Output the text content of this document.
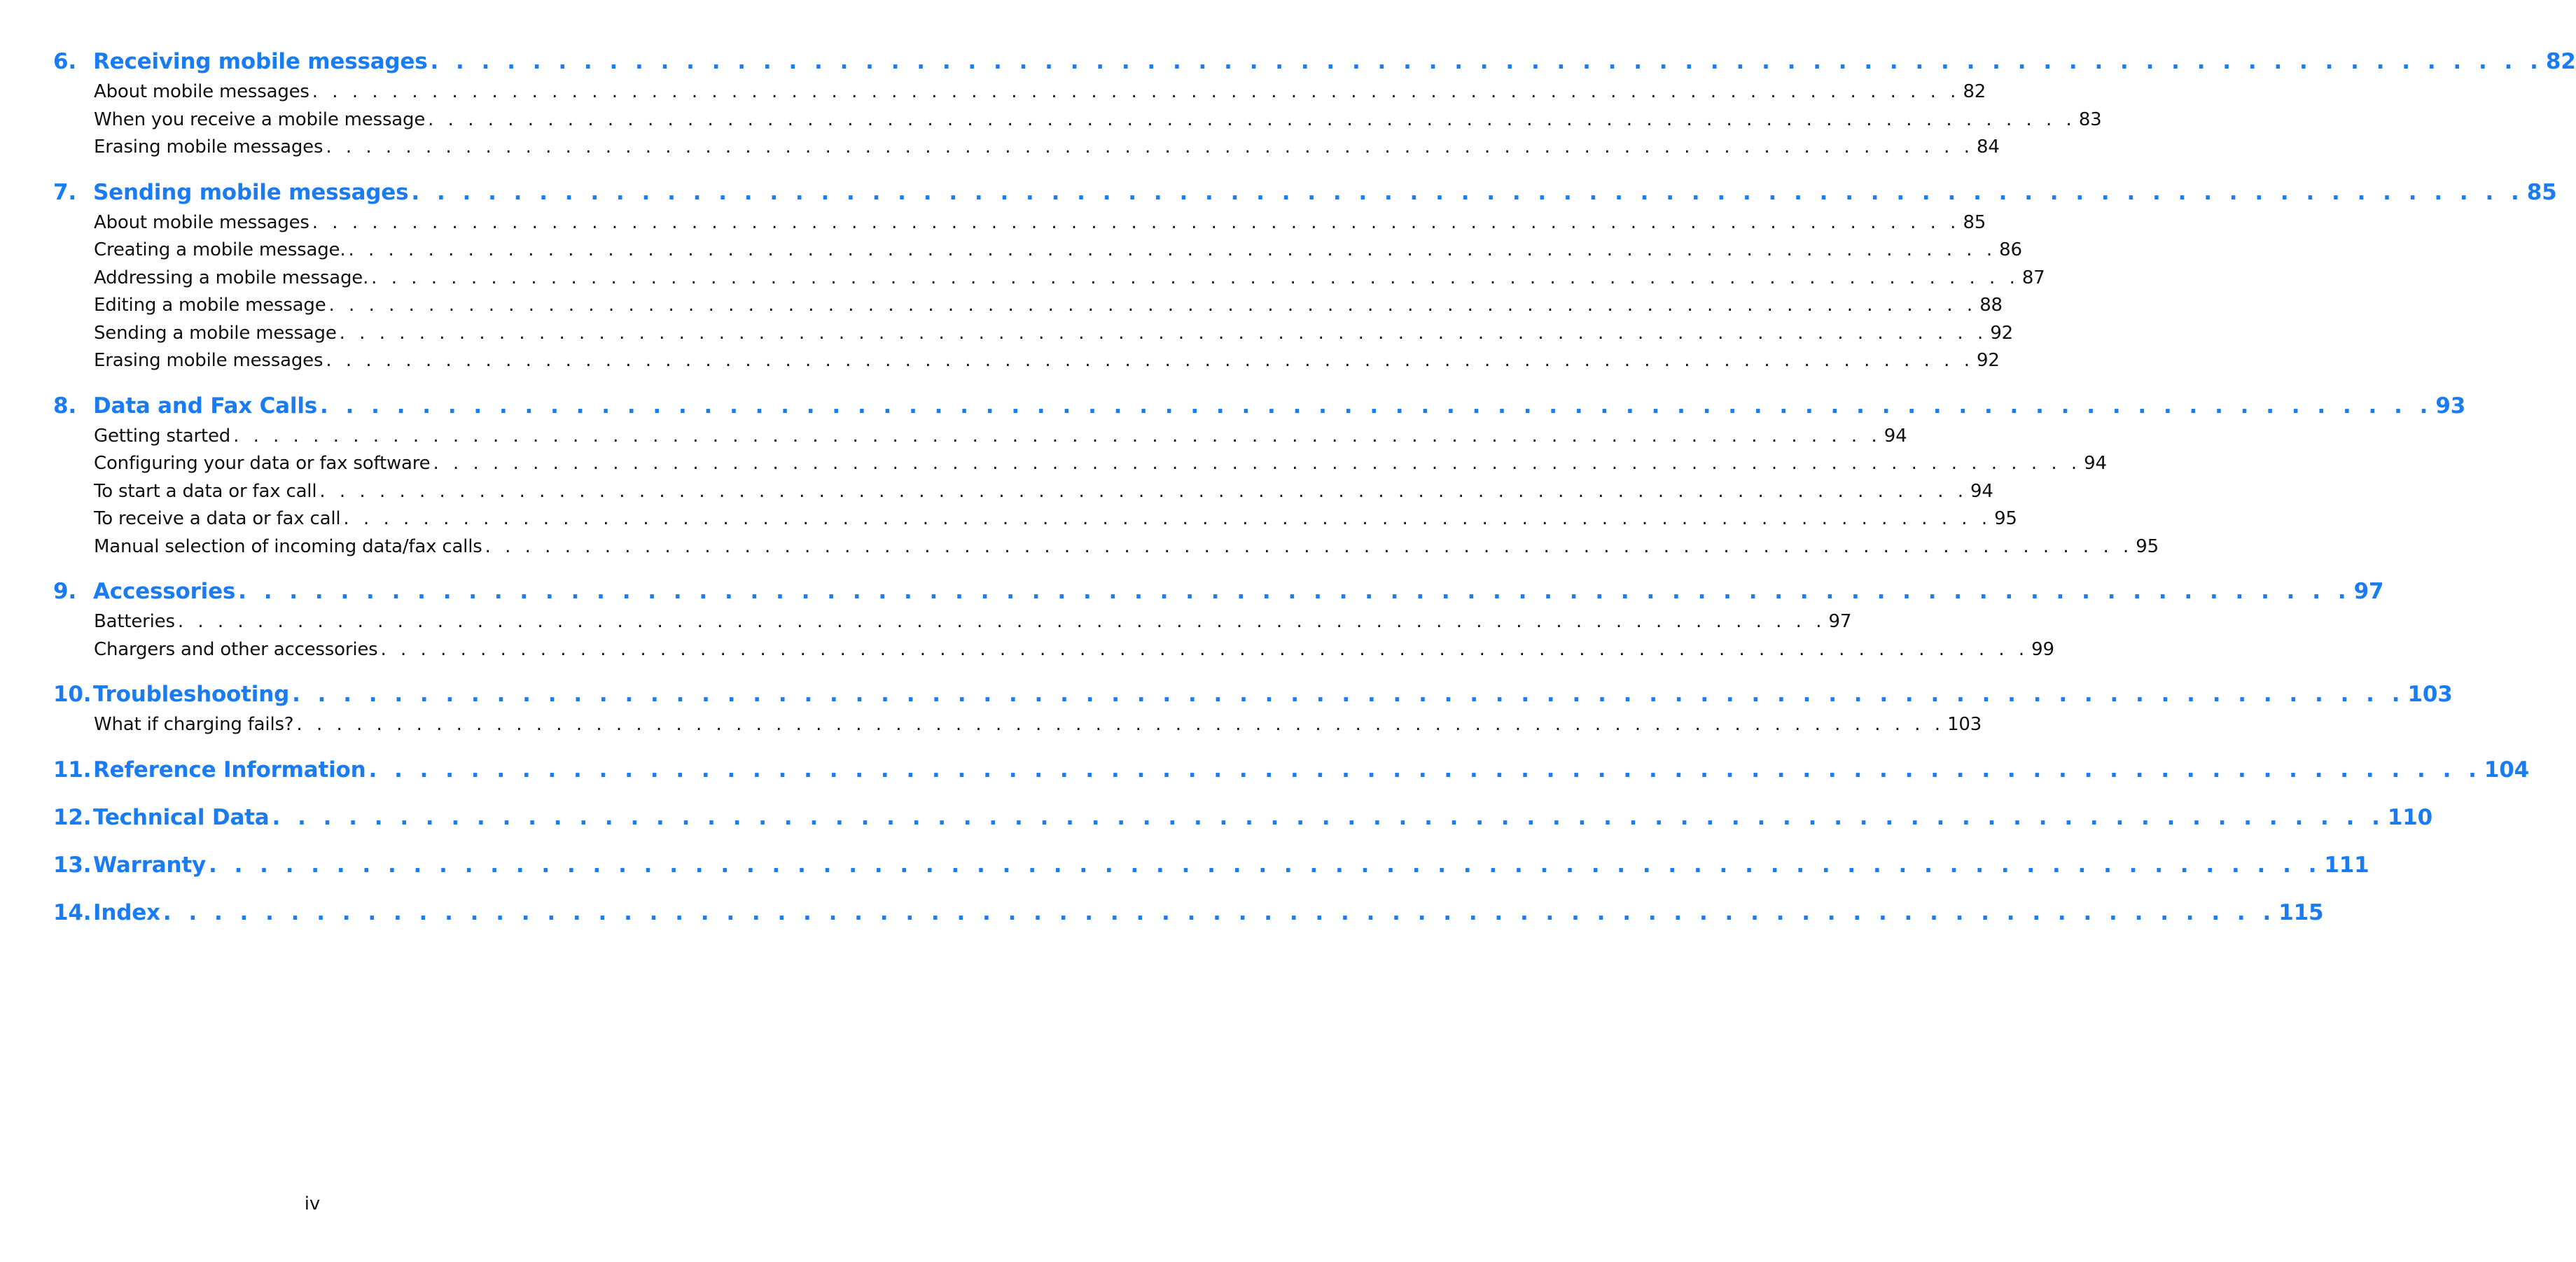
6. Receiving mobile messages . . . . . . . . . . . . . . . . . . . . . . . . . . . . . . . . . . . . . . . . . . . . . . . . . . . . . . . . . . . . . . . . . . . . . . . . . . . . . . . . . . . 82
About mobile messages . . . . . . . . . . . . . . . . . . . . . . . . . . . . . . . . . . . . . . . . . . . . . . . . . . . . . . . . . . . . . . . . . . . . . . . . . . . . . . . . . . . 82
When you receive a mobile message . . . . . . . . . . . . . . . . . . . . . . . . . . . . . . . . . . . . . . . . . . . . . . . . . . . . . . . . . . . . . . . . . . . . . . . . . . . . . . . . . . . 83
Erasing mobile messages . . . . . . . . . . . . . . . . . . . . . . . . . . . . . . . . . . . . . . . . . . . . . . . . . . . . . . . . . . . . . . . . . . . . . . . . . . . . . . . . . . . 84
7. Sending mobile messages . . . . . . . . . . . . . . . . . . . . . . . . . . . . . . . . . . . . . . . . . . . . . . . . . . . . . . . . . . . . . . . . . . . . . . . . . . . . . . . . . . . 85
About mobile messages . . . . . . . . . . . . . . . . . . . . . . . . . . . . . . . . . . . . . . . . . . . . . . . . . . . . . . . . . . . . . . . . . . . . . . . . . . . . . . . . . . . 85
Creating a mobile message. . . . . . . . . . . . . . . . . . . . . . . . . . . . . . . . . . . . . . . . . . . . . . . . . . . . . . . . . . . . . . . . . . . . . . . . . . . . . . . . . . . . 86
Addressing a mobile message. . . . . . . . . . . . . . . . . . . . . . . . . . . . . . . . . . . . . . . . . . . . . . . . . . . . . . . . . . . . . . . . . . . . . . . . . . . . . . . . . . . . 87
Editing a mobile message . . . . . . . . . . . . . . . . . . . . . . . . . . . . . . . . . . . . . . . . . . . . . . . . . . . . . . . . . . . . . . . . . . . . . . . . . . . . . . . . . . . 88
Sending a mobile message . . . . . . . . . . . . . . . . . . . . . . . . . . . . . . . . . . . . . . . . . . . . . . . . . . . . . . . . . . . . . . . . . . . . . . . . . . . . . . . . . . . 92
Erasing mobile messages . . . . . . . . . . . . . . . . . . . . . . . . . . . . . . . . . . . . . . . . . . . . . . . . . . . . . . . . . . . . . . . . . . . . . . . . . . . . . . . . . . . 92
8. Data and Fax Calls . . . . . . . . . . . . . . . . . . . . . . . . . . . . . . . . . . . . . . . . . . . . . . . . . . . . . . . . . . . . . . . . . . . . . . . . . . . . . . . . . . . 93
Getting started . . . . . . . . . . . . . . . . . . . . . . . . . . . . . . . . . . . . . . . . . . . . . . . . . . . . . . . . . . . . . . . . . . . . . . . . . . . . . . . . . . . 94
Configuring your data or fax software . . . . . . . . . . . . . . . . . . . . . . . . . . . . . . . . . . . . . . . . . . . . . . . . . . . . . . . . . . . . . . . . . . . . . . . . . . . . . . . . . . . 94
To start a data or fax call . . . . . . . . . . . . . . . . . . . . . . . . . . . . . . . . . . . . . . . . . . . . . . . . . . . . . . . . . . . . . . . . . . . . . . . . . . . . . . . . . . . 94
To receive a data or fax call . . . . . . . . . . . . . . . . . . . . . . . . . . . . . . . . . . . . . . . . . . . . . . . . . . . . . . . . . . . . . . . . . . . . . . . . . . . . . . . . . . . 95
Manual selection of incoming data/fax calls . . . . . . . . . . . . . . . . . . . . . . . . . . . . . . . . . . . . . . . . . . . . . . . . . . . . . . . . . . . . . . . . . . . . . . . . . . . . . . . . . . . 95
9. Accessories . . . . . . . . . . . . . . . . . . . . . . . . . . . . . . . . . . . . . . . . . . . . . . . . . . . . . . . . . . . . . . . . . . . . . . . . . . . . . . . . . . . 97
Batteries . . . . . . . . . . . . . . . . . . . . . . . . . . . . . . . . . . . . . . . . . . . . . . . . . . . . . . . . . . . . . . . . . . . . . . . . . . . . . . . . . . . 97
Chargers and other accessories . . . . . . . . . . . . . . . . . . . . . . . . . . . . . . . . . . . . . . . . . . . . . . . . . . . . . . . . . . . . . . . . . . . . . . . . . . . . . . . . . . . 99
10. Troubleshooting . . . . . . . . . . . . . . . . . . . . . . . . . . . . . . . . . . . . . . . . . . . . . . . . . . . . . . . . . . . . . . . . . . . . . . . . . . . . . . . . . . . 103
What if charging fails? . . . . . . . . . . . . . . . . . . . . . . . . . . . . . . . . . . . . . . . . . . . . . . . . . . . . . . . . . . . . . . . . . . . . . . . . . . . . . . . . . . . 103
11. Reference Information . . . . . . . . . . . . . . . . . . . . . . . . . . . . . . . . . . . . . . . . . . . . . . . . . . . . . . . . . . . . . . . . . . . . . . . . . . . . . . . . . . . 104
12. Technical Data . . . . . . . . . . . . . . . . . . . . . . . . . . . . . . . . . . . . . . . . . . . . . . . . . . . . . . . . . . . . . . . . . . . . . . . . . . . . . . . . . . . 110
13. Warranty . . . . . . . . . . . . . . . . . . . . . . . . . . . . . . . . . . . . . . . . . . . . . . . . . . . . . . . . . . . . . . . . . . . . . . . . . . . . . . . . . . . 111
14. Index . . . . . . . . . . . . . . . . . . . . . . . . . . . . . . . . . . . . . . . . . . . . . . . . . . . . . . . . . . . . . . . . . . . . . . . . . . . . . . . . . . . 115
iv
